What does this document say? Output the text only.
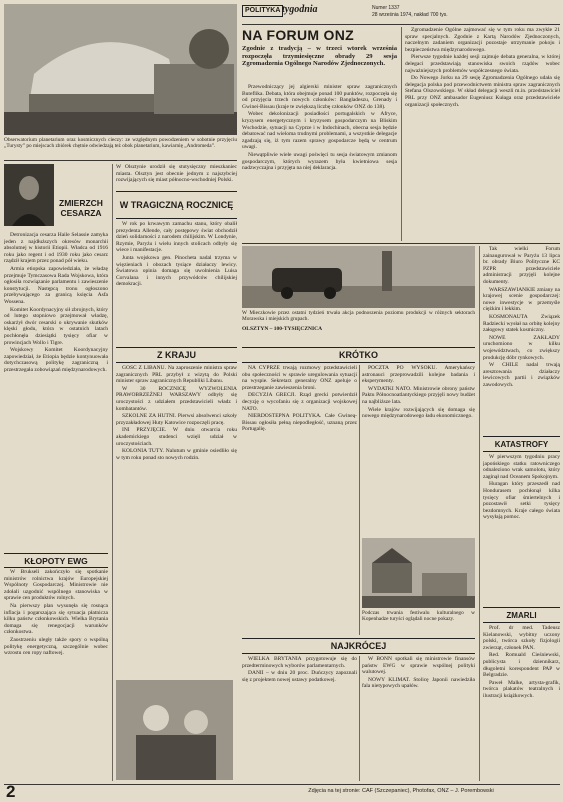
Obserwatorium planetarium oraz kosmicznych cieczy: ze względnym powodzeniem w sobotnie przyjęciu „Turysty” po miejscach zbiórek chętnie odwiedzają też obok planetarium, kawiarnię „Andromeda”.
POLITYKA tygodnia	Numer 1337
28 września 1974, nakład 700 tys.
NA FORUM ONZ
Zgodnie z tradycją – w trzeci wtorek września rozpoczęła trzymiesięczne obrady 29 sesja Zgromadzenia Ogólnego Narodów Zjednoczonych.

Przewodniczący jej algierski minister spraw zagranicznych Buteflika. Debata, która obejmuje ponad 100 punktów, rozpoczęła się od przyjęcia trzech nowych członków: Bangladeszu, Grenady i Gwinei-Bissau (kraje te zwiększą liczbę członków ONZ do 138).

Wobec dekolonizacji posiadłości portugalskich w Afryce, kryzysem energetycznym i kryzysem gospodarczym na Bliskim Wschodzie, sytuacji na Cyprze i w Indochinach, obecna sesja będzie debatować nad wieloma trudnymi problemami, a wszystkie delegacje zgadzają się, iż tym razem sprawy gospodarcze będą w centrum uwagi.

Niewątpliwie wiele uwagi poświęci tu sesja światowym zmianom gospodarczym, których wyrazem była kwietniowa sesja nadzwyczajna i przyjęta na niej deklaracja.

Zgromadzenie Ogólne zajmować się w tym roku ma zwykle 21 spraw specjalnych. Zgodnie z Kartą Narodów Zjednoczonych, naczelnym zadaniem organizacji pozostaje utrzymanie pokoju i bezpieczeństwa międzynarodowego.

Pierwsze tygodnie każdej sesji zajmuje debata generalna, w której delegaci przedstawiają stanowiska swoich rządów wobec najważniejszych problemów współczesnego świata.

Do Nowego Jorku na 29 sesję Zgromadzenia Ogólnego udała się delegacja polska pod przewodnictwem ministra spraw zagranicznych Stefana Olszowskiego. W skład delegacji weszli m.in. przedstawiciel PRL przy ONZ ambasador Eugeniusz Kułaga oraz przedstawiciele organizacji społecznych.

ZMIERZCH CESARZA

Detronizacja cesarza Haile Selassie zamyka jeden z najdłuższych okresów monarchii absolutnej w historii Etiopii. Władca od 1916 roku jako regent i od 1930 roku jako cesarz rządził krajem przez ponad pół wieku.

Armia etiopska zapowiedziała, że władzę przejmuje Tymczasowa Rada Wojskowa, która ogłosiła rozwiązanie parlamentu i zawieszenie konstytucji. Następcą tronu ogłoszono przebywającego za granicą księcia Asfa Wossena.

Komitet Koordynacyjny sił zbrojnych, który od lutego stopniowo przejmował władzę, oskarżył dwór cesarski o ukrywanie skutków klęski głodu, która w ostatnich latach pochłonęła dziesiątki tysięcy ofiar w prowincjach Wollo i Tigre.

Wojskowy Komitet Koordynacyjny zapowiedział, że Etiopia będzie kontynuowała dotychczasową politykę zagraniczną i przestrzegała zobowiązań międzynarodowych.

KŁOPOTY EWG

W Brukseli zakończyło się spotkanie ministrów rolnictwa krajów Europejskiej Wspólnoty Gospodarczej. Ministrowie nie zdołali uzgodnić wspólnego stanowiska w sprawie cen produktów rolnych.

Na pierwszy plan wysunęła się rosnąca inflacja i pogarszająca się sytuacja płatnicza kilku państw członkowskich. Wielka Brytania domaga się renegocjacji warunków członkostwa.

Zaostrzeniu uległy także spory o wspólną politykę energetyczną, szczególnie wobec wzrostu cen ropy naftowej.

W Olsztynie urodził się stutysięczny mieszkaniec miasta. Olsztyn jest obecnie jednym z najszybciej rozwijających się miast północno-wschodniej Polski.

W TRAGICZNĄ ROCZNICĘ

W rok po krwawym zamachu stanu, który obalił prezydenta Allende, cały postępowy świat obchodził dzień solidarności z narodem chilijskim. W Londynie, Rzymie, Paryżu i wielu innych stolicach odbyły się wiece i manifestacje.

Junta wojskowa gen. Pinocheta nadal trzyma w więzieniach i obozach tysiące działaczy lewicy. Światowa opinia domaga się uwolnienia Luisa Corvalana i innych przywódców chilijskiej demokracji.

Z KRAJU

GOŚĆ Z LIBANU. Na zaproszenie ministra spraw zagranicznych PRL przybył z wizytą do Polski minister spraw zagranicznych Republiki Libanu.

W 30 ROCZNICĘ WYZWOLENIA PRAWOBRZEŻNEJ WARSZAWY odbyły się uroczystości z udziałem przedstawicieli władz i kombatantów.

SZKOLNE ZA HUTNI. Pierwsi absolwenci szkoły przyzakładowej Huty Katowice rozpoczęli pracę.

INI PRZYJĘCIE. W dniu otwarcia roku akademickiego studenci wzięli udział w uroczystościach.

KOLONIA TUTY. Nalutum w gminie osiedliło się w tym roku ponad sto nowych rodzin.

W Mieczkowie przez ostatni tydzień trwała akcja podnoszenia poziomu produkcji w różnych sektorach Morawska i miejskich grupach.

OLSZTYN – 100-TYSIĘCZNICA

KRÓTKO

NA CYPRZE trwają rozmowy przedstawicieli obu społeczności w sprawie uregulowania sytuacji na wyspie. Sekretarz generalny ONZ apeluje o przestrzeganie zawieszenia broni.

DECYZJA GRECJI. Rząd grecki potwierdził decyzję o wycofaniu się z organizacji wojskowej NATO.

NIERDOSTEPNA POLITYKA. Całe Gwineą-Bissau ogłosiła pełną niepodległość, uznaną przez Portugalię.

POCZTA PO WYSOKU. Amerykańscy astronauci przeprowadzili kolejne badania i eksperymenty.

WYDATKI NATO. Ministrowie obrony państw Paktu Północnoatlantyckiego przyjęli nowy budżet na najbliższe lata.

Wiele krajów rozwijających się domaga się nowego międzynarodowego ładu ekonomicznego.

Podczas trwania festiwalu kulturalnego w Kopenhadze turyści oglądali nocne pokazy.
NAJKRÓCEJ

WIELKA BRYTANIA przygotowuje się do przedterminowych wyborów parlamentarnych.

DANII – w dniu 20 proc. Duńczycy zapoznali się z projektem nowej ustawy podatkowej.

W BONN spotkali się ministrowie finansów państw EWG w sprawie wspólnej polityki walutowej.

NOWY KLIMAT. Stolicę Japonii nawiedziła fala nietypowych upałów.

Tak wielki Forum zainaugurował w Paryżu 13 lipca br. obrady Biuro Polityczne KC PZPR przedstawiciele administracji przyjęli kolejne dokumenty.

WARSZAWIANKIE zmiany na krajowej scenie gospodarczej: nowe inwestycje w przemyśle ciężkim i lekkim.

KOSMONAUTA Związek Radziecki wysłał na orbitę kolejny załogowy statek kosmiczny.

NOWE ZAKŁADY uruchomiono w kilku województwach, co zwiększy produkcję dóbr rynkowych.

W CHILE nadal trwają aresztowania działaczy lewicowych partii i związków zawodowych.

KATASTROFY

W pierwszym tygodniu pracy japońskiego statku ratowniczego odnaleziono wrak samolotu, który zaginął nad Oceanem Spokojnym.

Huragan który przeszedł nad Hondurasem pochłonął kilka tysięcy ofiar śmiertelnych i pozostawił setki tysięcy bezdomnych. Kraje całego świata wysyłają pomoc.

ZMARLI

Prof. dr med. Tadeusz Kielanowski, wybitny uczony polski, twórca szkoły fizjologii zwierząt, członek PAN.

Red. Romuald Cieśniewski, publicysta i dziennikarz, długoletni korespondent PAP w Belgradzie.

Paweł Malke, artysta-grafik, twórca plakatów teatralnych i ilustracji książkowych.

2	Zdjęcia na tej stronie: CAF (Szczepaniec), Photofax, ONZ – J. Porembowski
